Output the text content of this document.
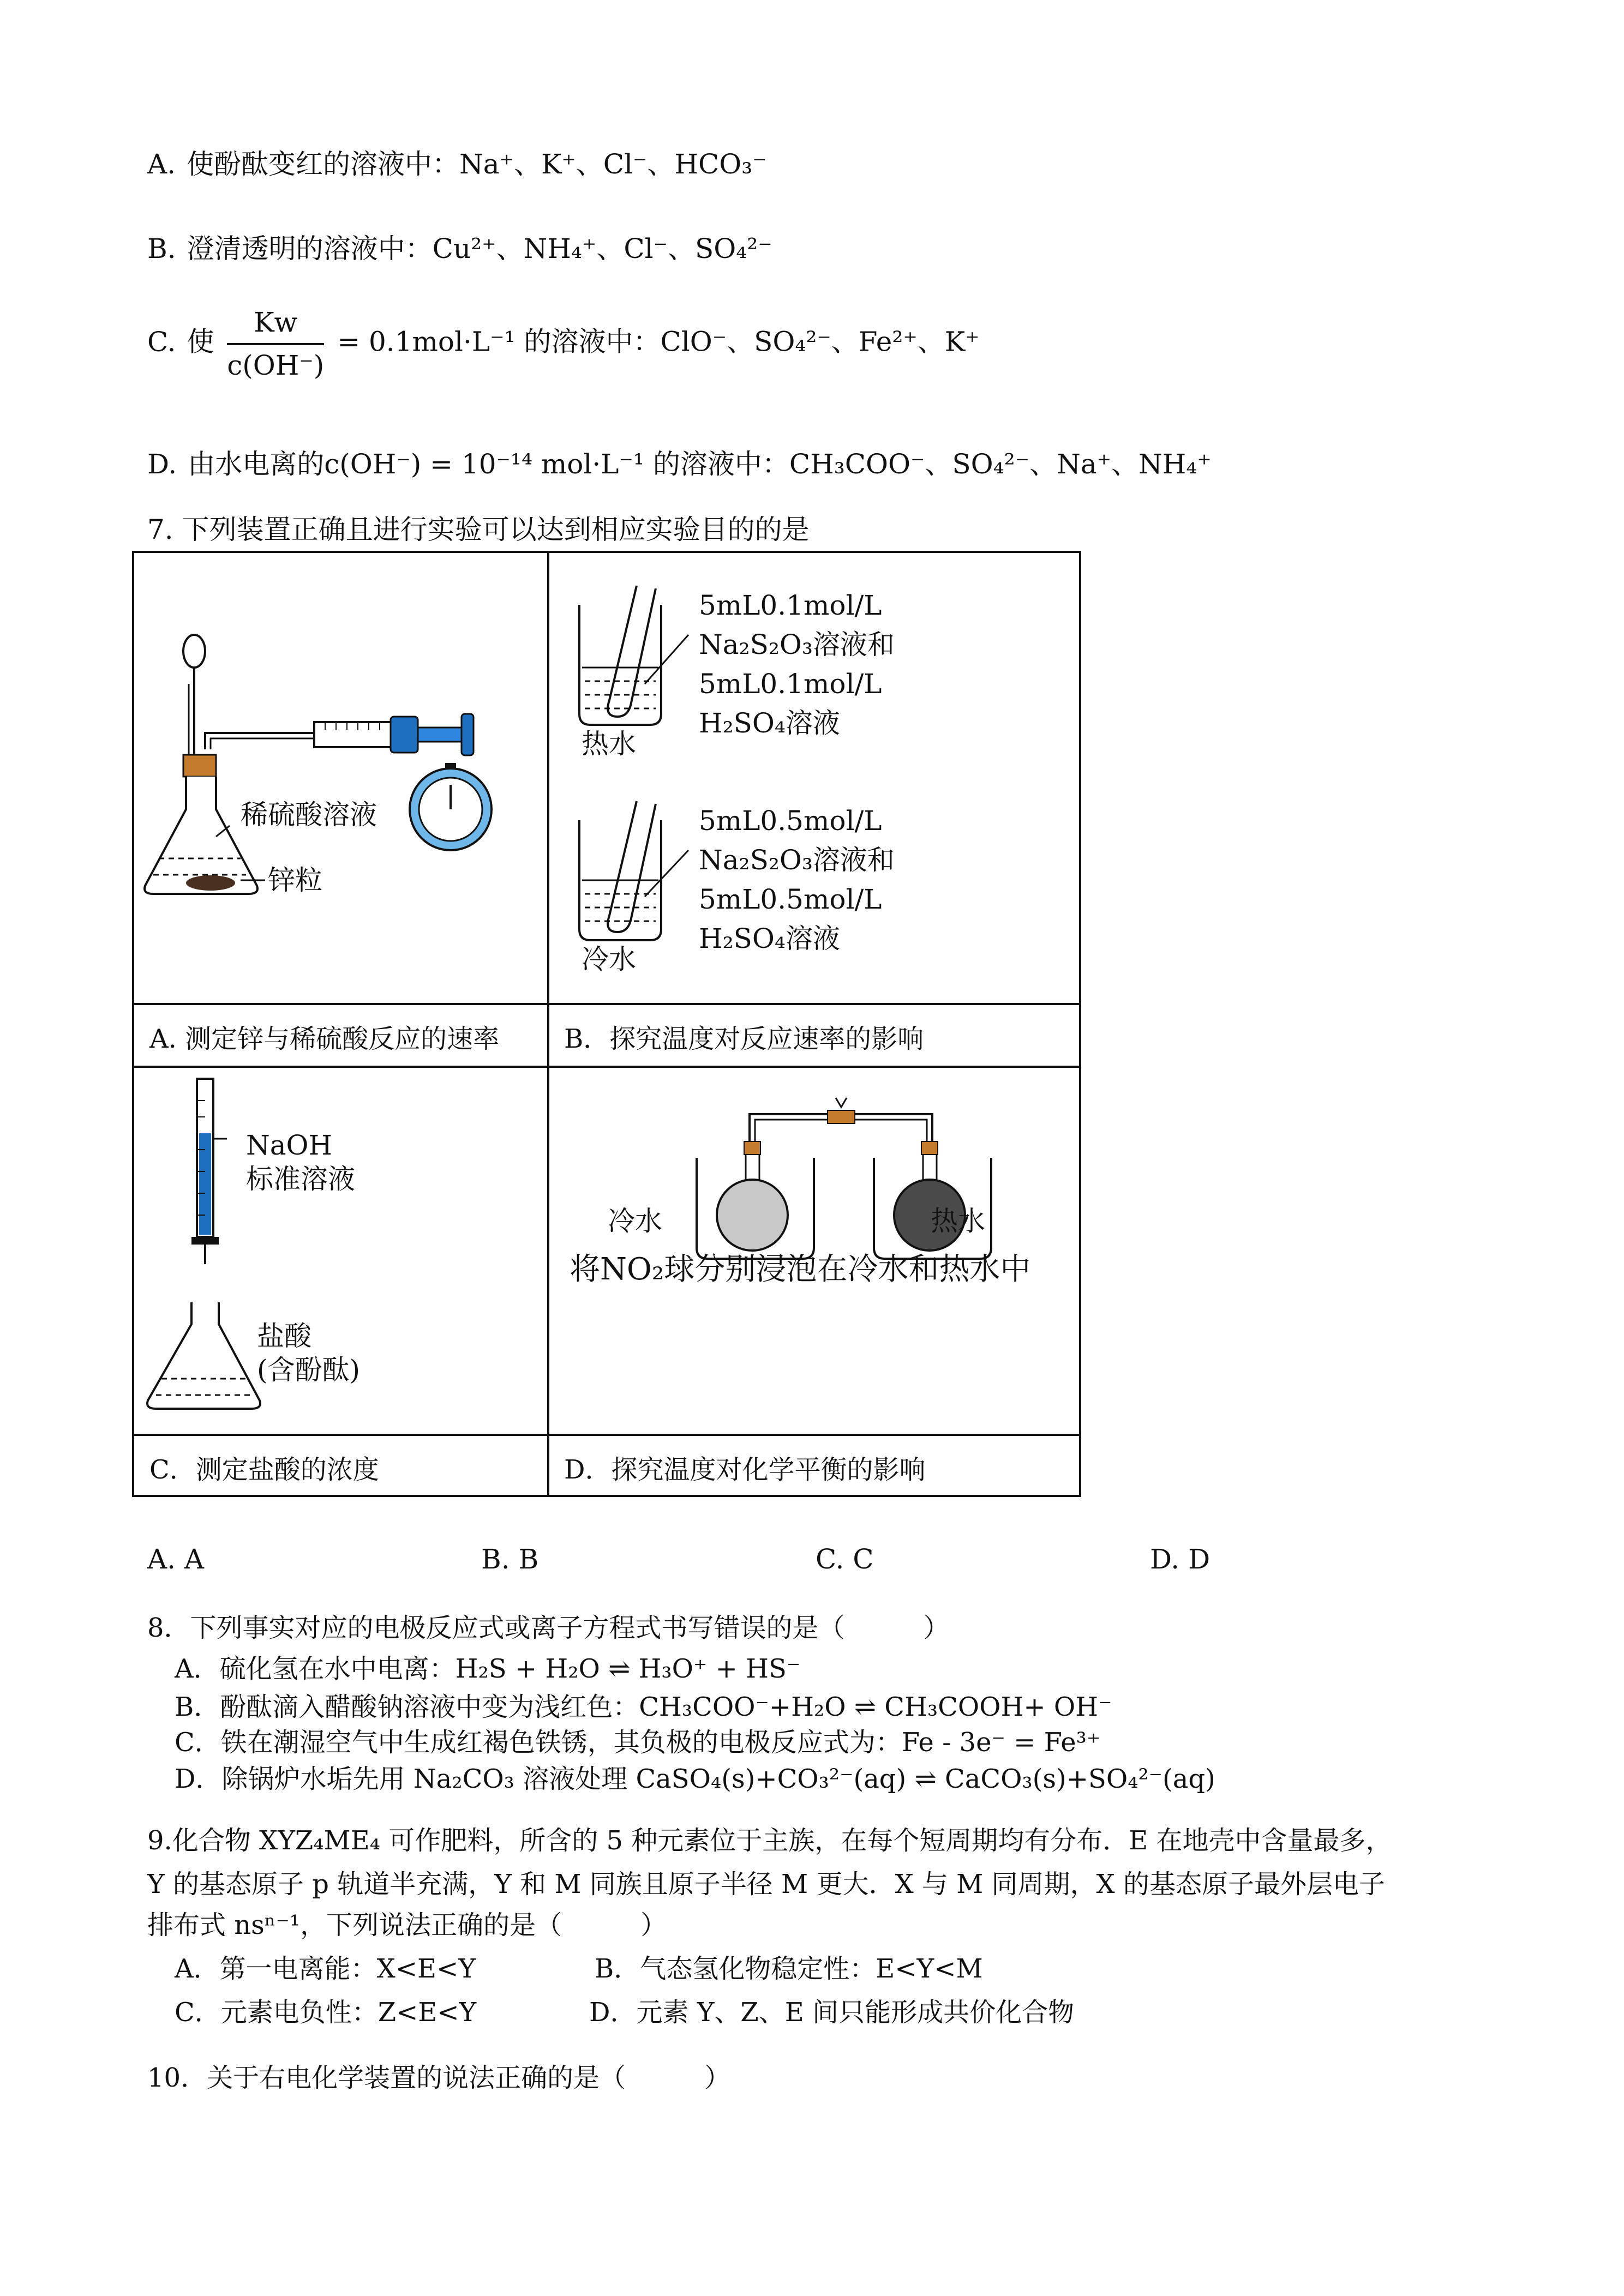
A. 使酚酞变红的溶液中：Na⁺、K⁺、Cl⁻、HCO₃⁻
B. 澄清透明的溶液中：Cu²⁺、NH₄⁺、Cl⁻、SO₄²⁻
C. 使 $\frac{Kw}{c(OH^-)} = 0.1mol\cdot L^{-1}$ 的溶液中：ClO⁻、SO₄²⁻、Fe²⁺、K⁺
D. 由水电离的c(OH⁻) = 10⁻¹⁴ mol·L⁻¹ 的溶液中：CH₃COO⁻、SO₄²⁻、Na⁺、NH₄⁺
7. 下列装置正确且进行实验可以达到相应实验目的的是
稀硫酸溶液
锌粒
5mL0.1mol/L
Na₂S₂O₃溶液和
5mL0.1mol/L
H₂SO₄溶液
热水
5mL0.5mol/L
Na₂S₂O₃溶液和
5mL0.5mol/L
H₂SO₄溶液
冷水
A. 测定锌与稀硫酸反应的速率 B．探究温度对反应速率的影响
NaOH
标准溶液
盐酸
(含酚酞)
冷水	热水
将NO₂球分别浸泡在冷水和热水中
C．测定盐酸的浓度	D．探究温度对化学平衡的影响
A. A	B. B	C. C	D. D
8．下列事实对应的电极反应式或离子方程式书写错误的是（　　　）
A．硫化氢在水中电离：H₂S + H₂O ⇌ H₃O⁺ + HS⁻
B．酚酞滴入醋酸钠溶液中变为浅红色：CH₃COO⁻+H₂O ⇌ CH₃COOH+ OH⁻
C．铁在潮湿空气中生成红褐色铁锈，其负极的电极反应式为：Fe - 3e⁻ = Fe³⁺
D．除锅炉水垢先用 Na₂CO₃ 溶液处理 CaSO₄(s)+CO₃²⁻(aq) ⇌ CaCO₃(s)+SO₄²⁻(aq)
9.化合物 XYZ₄ME₄ 可作肥料，所含的 5 种元素位于主族，在每个短周期均有分布．E 在地壳中含量最多，
Y 的基态原子 p 轨道半充满，Y 和 M 同族且原子半径 M 更大．X 与 M 同周期，X 的基态原子最外层电子
排布式 nsⁿ⁻¹，下列说法正确的是（　　　）
A．第一电离能：X<E<Y	B．气态氢化物稳定性：E<Y<M
C．元素电负性：Z<E<Y	D．元素 Y、Z、E 间只能形成共价化合物
10．关于右电化学装置的说法正确的是（　　　）
